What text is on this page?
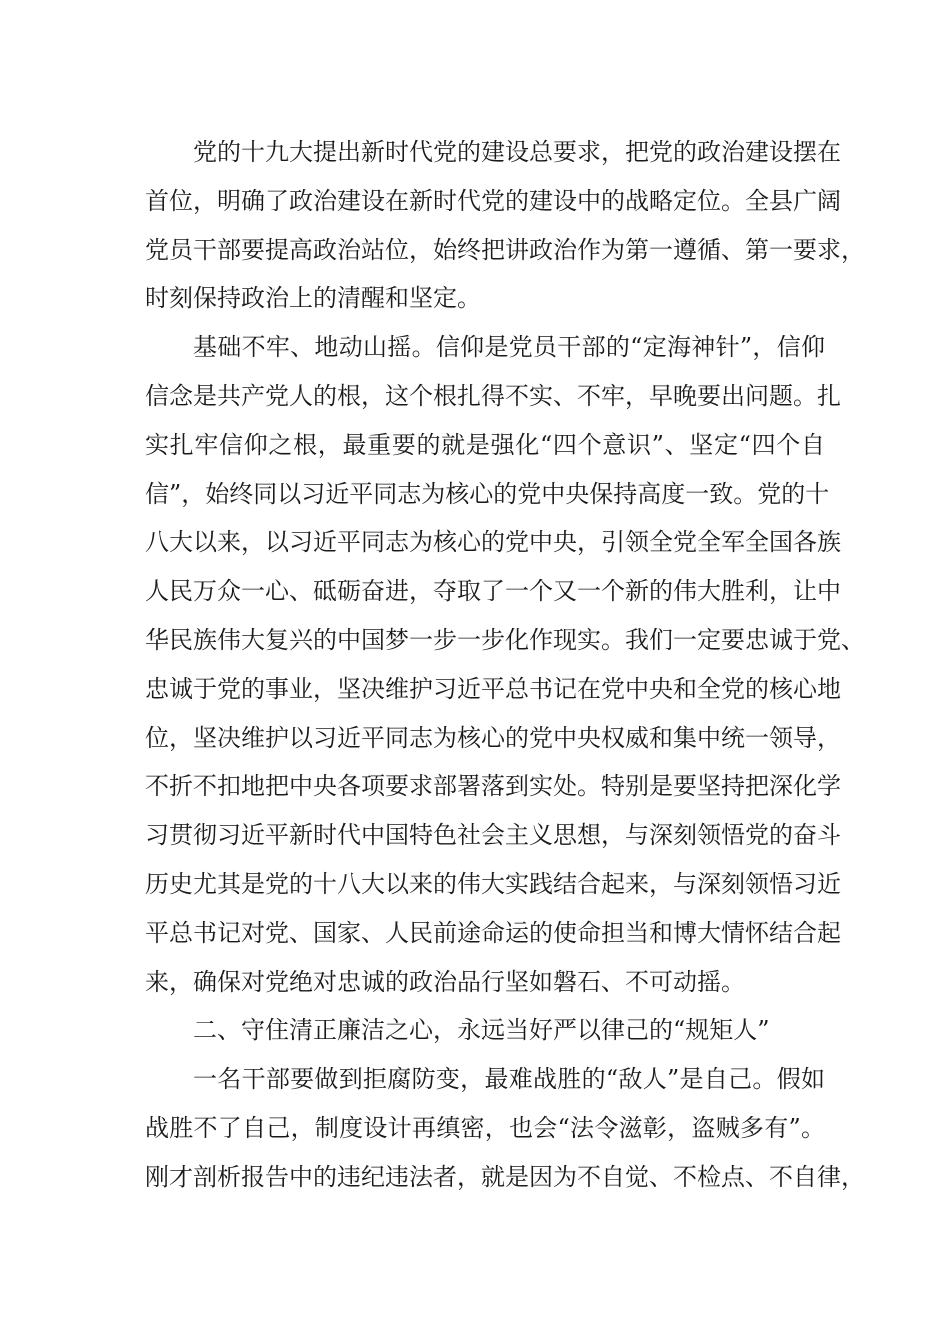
党的十九大提出新时代党的建设总要求，把党的政治建设摆在
首位，明确了政治建设在新时代党的建设中的战略定位。全县广阔
党员干部要提高政治站位，始终把讲政治作为第一遵循、第一要求，
时刻保持政治上的清醒和坚定。
基础不牢、地动山摇。信仰是党员干部的“定海神针”，信仰
信念是共产党人的根，这个根扎得不实、不牢，早晚要出问题。扎
实扎牢信仰之根，最重要的就是强化“四个意识”、坚定“四个自
信”，始终同以习近平同志为核心的党中央保持高度一致。党的十
八大以来，以习近平同志为核心的党中央，引领全党全军全国各族
人民万众一心、砥砺奋进，夺取了一个又一个新的伟大胜利，让中
华民族伟大复兴的中国梦一步一步化作现实。我们一定要忠诚于党、
忠诚于党的事业，坚决维护习近平总书记在党中央和全党的核心地
位，坚决维护以习近平同志为核心的党中央权威和集中统一领导，
不折不扣地把中央各项要求部署落到实处。特别是要坚持把深化学
习贯彻习近平新时代中国特色社会主义思想，与深刻领悟党的奋斗
历史尤其是党的十八大以来的伟大实践结合起来，与深刻领悟习近
平总书记对党、国家、人民前途命运的使命担当和博大情怀结合起
来，确保对党绝对忠诚的政治品行坚如磐石、不可动摇。
二、守住清正廉洁之心，永远当好严以律己的“规矩人”
一名干部要做到拒腐防变，最难战胜的“敌人”是自己。假如
战胜不了自己，制度设计再缜密，也会“法令滋彰，盗贼多有”。
刚才剖析报告中的违纪违法者，就是因为不自觉、不检点、不自律，
